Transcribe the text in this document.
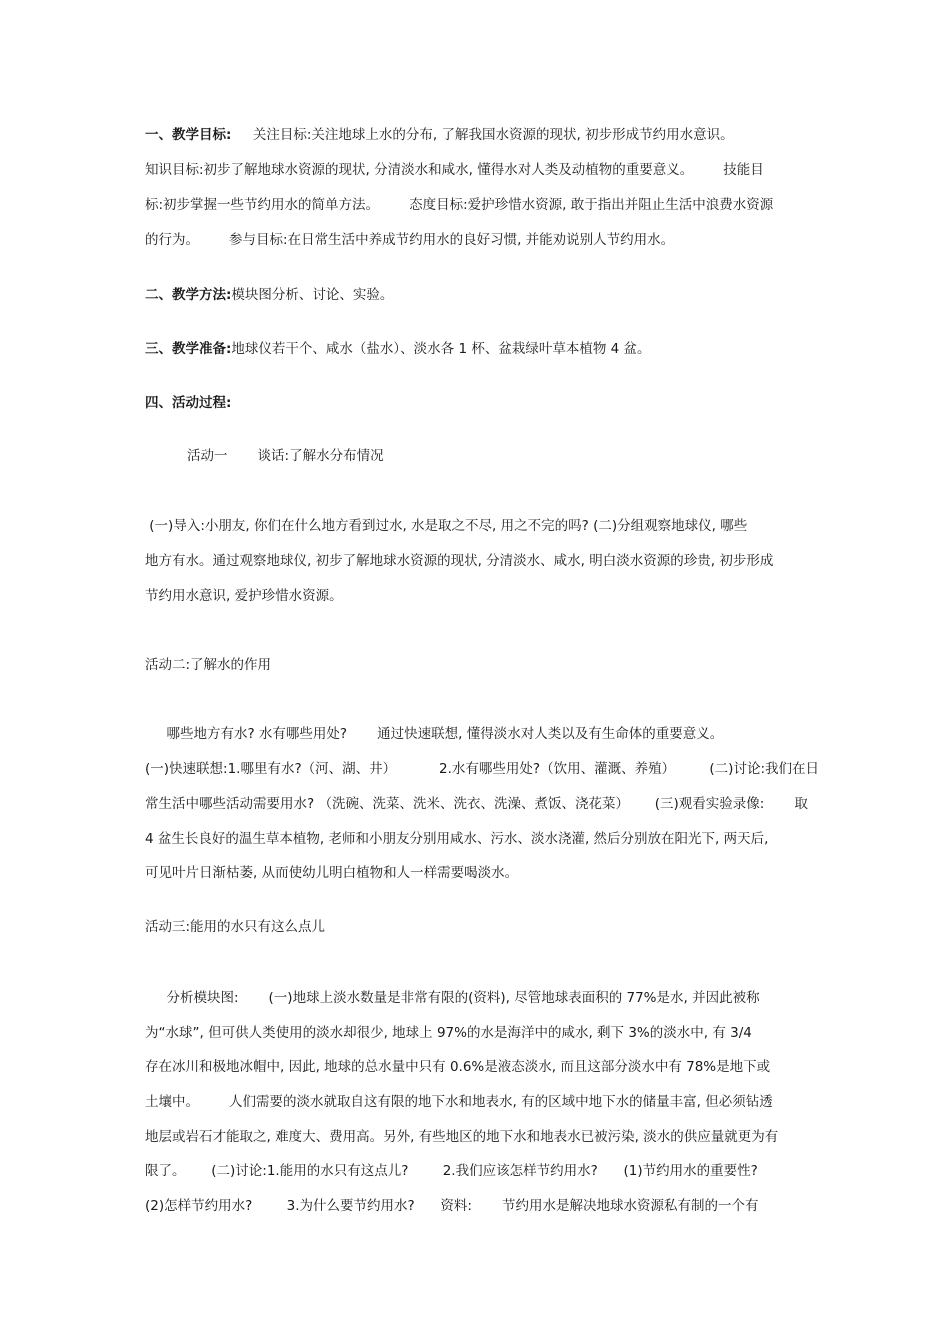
一、教学目标:     关注目标:关注地球上水的分布, 了解我国水资源的现状, 初步形成节约用水意识。
知识目标:初步了解地球水资源的现状, 分清淡水和咸水, 懂得水对人类及动植物的重要意义。       技能目
标:初步掌握一些节约用水的简单方法。       态度目标:爱护珍惜水资源, 敢于指出并阻止生活中浪费水资源
的行为。       参与目标:在日常生活中养成节约用水的良好习惯, 并能劝说别人节约用水。
二、教学方法:模块图分析、讨论、实验。
三、教学准备:地球仪若干个、咸水（盐水）、淡水各 1 杯、盆栽绿叶草本植物 4 盆。
四、活动过程:
活动一       谈话:了解水分布情况
(一)导入:小朋友, 你们在什么地方看到过水, 水是取之不尽, 用之不完的吗? (二)分组观察地球仪, 哪些
地方有水。通过观察地球仪, 初步了解地球水资源的现状, 分清淡水、咸水, 明白淡水资源的珍贵, 初步形成
节约用水意识, 爱护珍惜水资源。
活动二:了解水的作用
哪些地方有水? 水有哪些用处?       通过快速联想, 懂得淡水对人类以及有生命体的重要意义。
(一)快速联想:1.哪里有水?（河、湖、井）          2.水有哪些用处?（饮用、灌溉、养殖）        (二)讨论:我们在日
常生活中哪些活动需要用水? （洗碗、洗菜、洗米、洗衣、洗澡、煮饭、浇花菜）      (三)观看实验录像:       取
4 盆生长良好的温生草本植物, 老师和小朋友分别用咸水、污水、淡水浇灌, 然后分别放在阳光下, 两天后,
可见叶片日渐枯萎, 从而使幼儿明白植物和人一样需要喝淡水。
活动三:能用的水只有这么点儿
分析模块图:       (一)地球上淡水数量是非常有限的(资料), 尽管地球表面积的 77%是水, 并因此被称
为“水球”, 但可供人类使用的淡水却很少, 地球上 97%的水是海洋中的咸水, 剩下 3%的淡水中, 有 3/4
存在冰川和极地冰帽中, 因此, 地球的总水量中只有 0.6%是液态淡水, 而且这部分淡水中有 78%是地下或
土壤中。       人们需要的淡水就取自这有限的地下水和地表水, 有的区域中地下水的储量丰富, 但必须钻透
地层或岩石才能取之, 难度大、费用高。另外, 有些地区的地下水和地表水已被污染, 淡水的供应量就更为有
限了。      (二)讨论:1.能用的水只有这点儿?        2.我们应该怎样节约用水?      (1)节约用水的重要性?
(2)怎样节约用水?        3.为什么要节约用水?      资料:       节约用水是解决地球水资源私有制的一个有
